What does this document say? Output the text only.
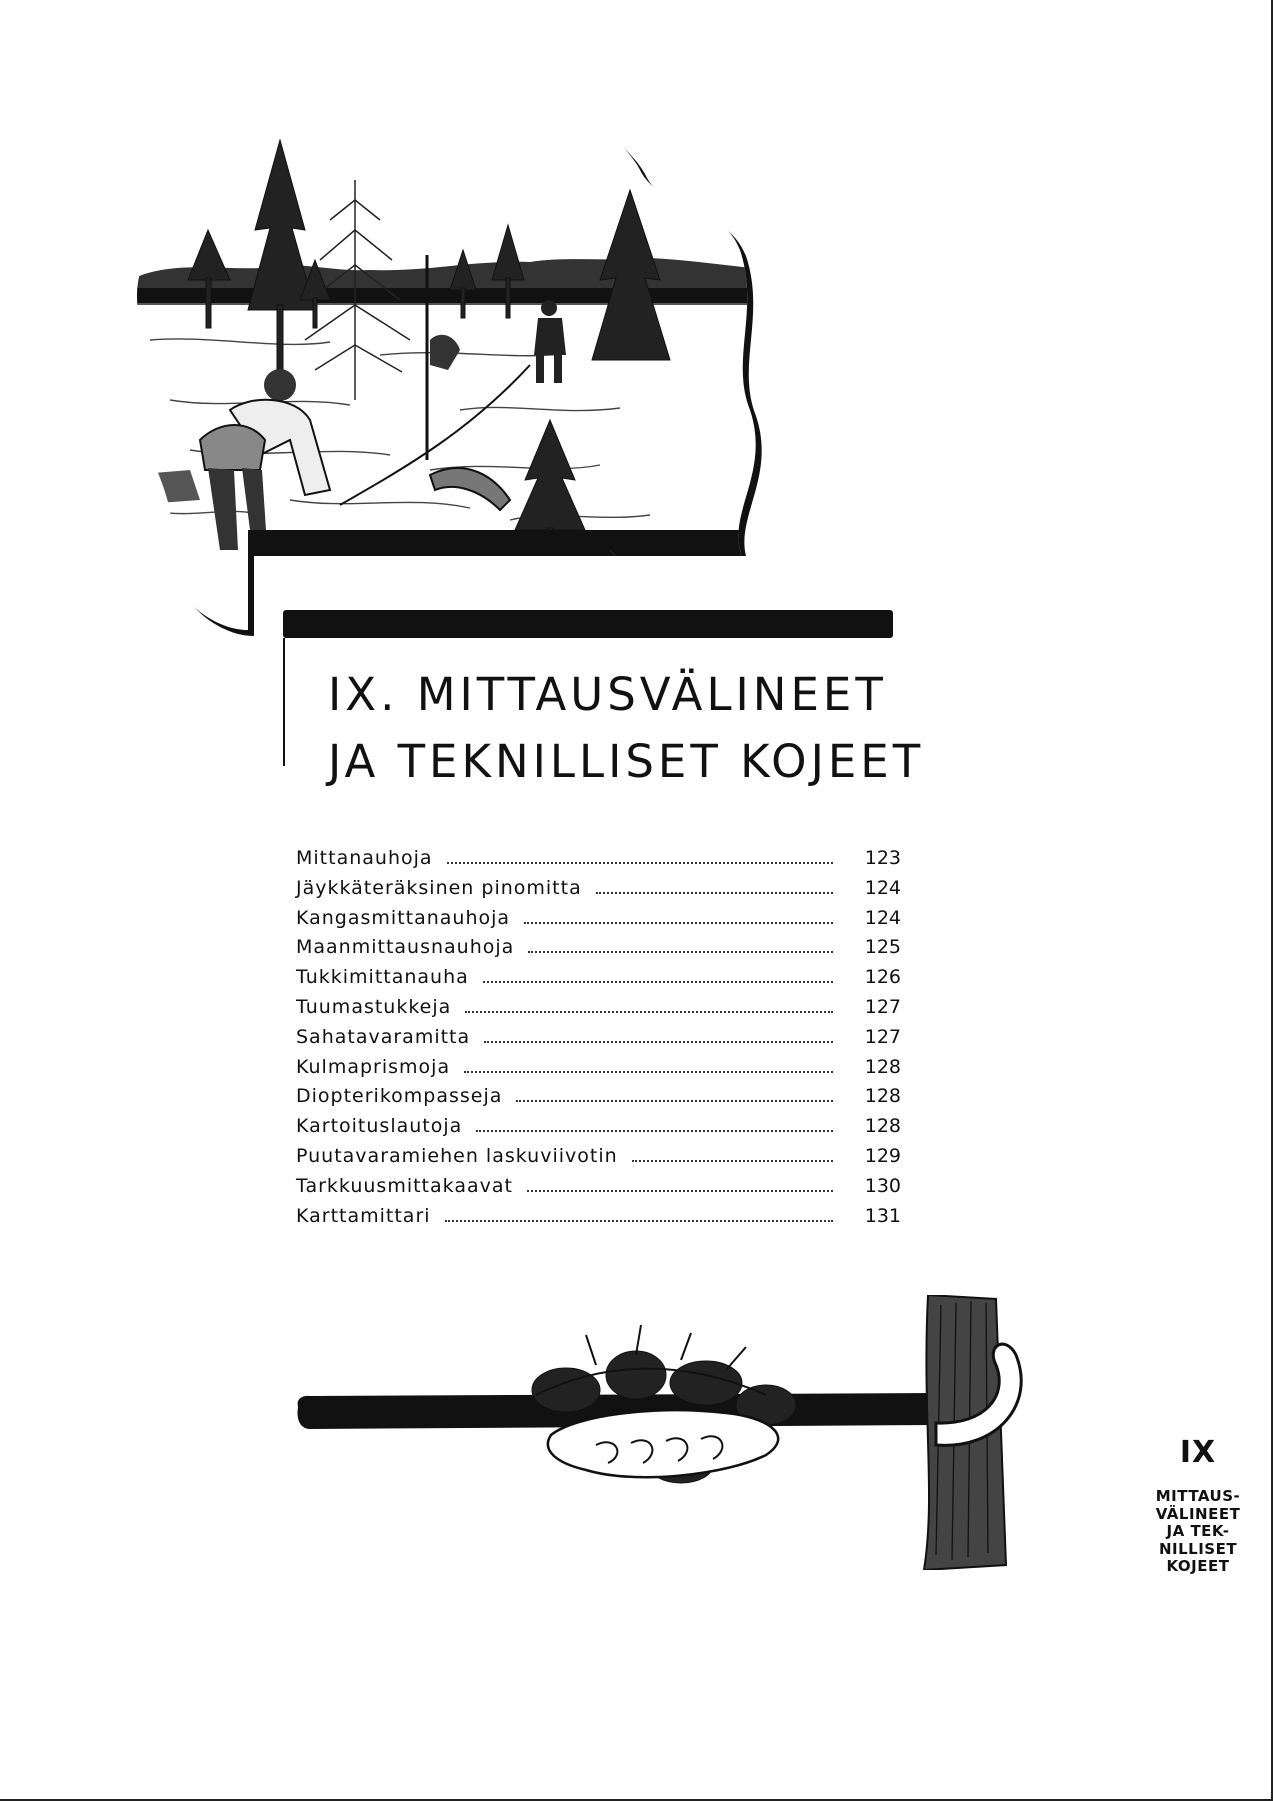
IX. MITTAUSVÄLINEET
JA TEKNILLISET KOJEET
Mittanauhoja	123
Jäykkäteräksinen pinomitta	124
Kangasmittanauhoja	124
Maanmittausnauhoja	125
Tukkimittanauha	126
Tuumastukkeja	127
Sahatavaramitta	127
Kulmaprismoja	128
Diopterikompasseja	128
Kartoituslautoja	128
Puutavaramiehen laskuviivotin	129
Tarkkuusmittakaavat	130
Karttamittari	131
IX
MITTAUS-
VÄLINEET
JA TEK-
NILLISET
KOJEET
